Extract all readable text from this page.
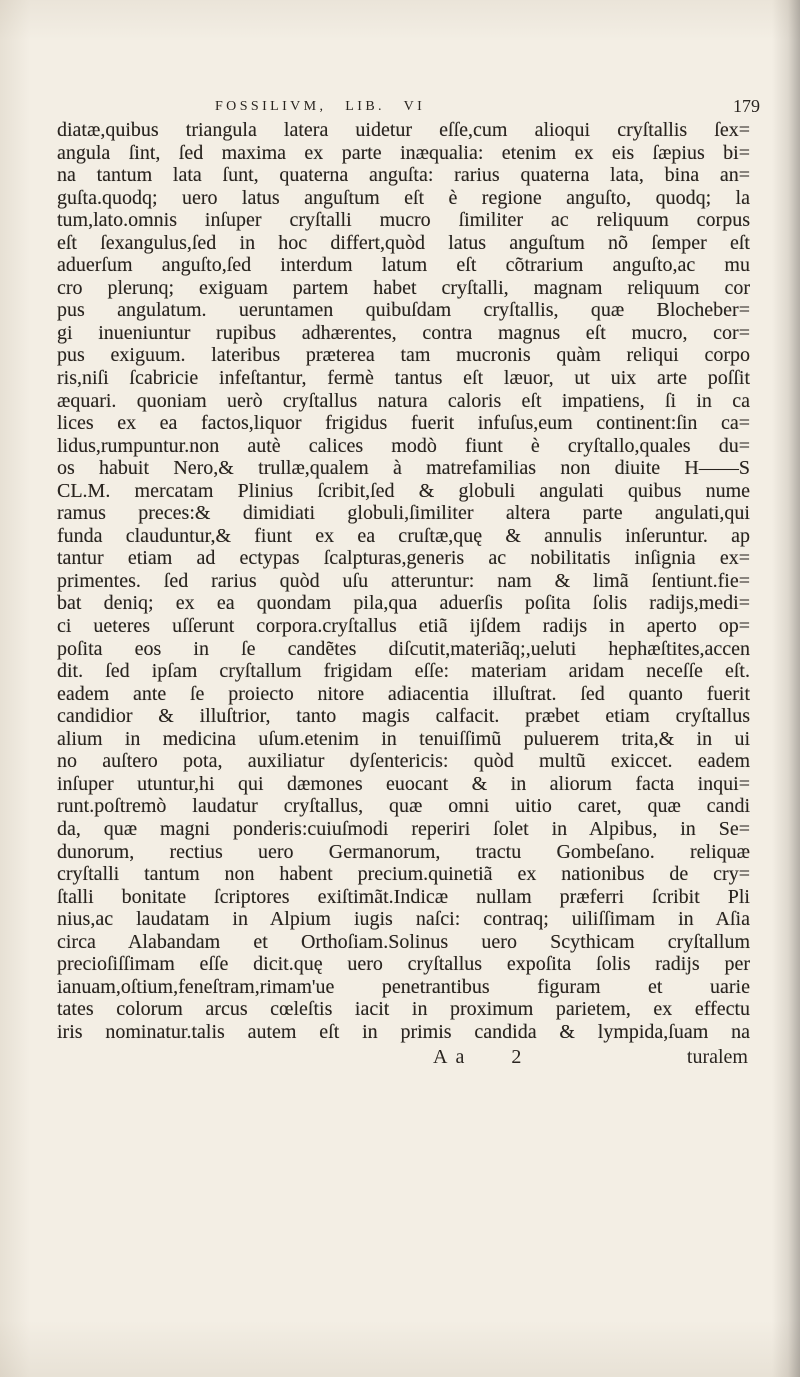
FOSSILIVM, LIB. VI	179
diatæ,quibus triangula latera uidetur eſſe,cum alioqui cryſtallis ſex=
angula ſint, ſed maxima ex parte inæqualia: etenim ex eis ſæpius bi=
na tantum lata ſunt, quaterna anguſta: rarius quaterna lata, bina an=
guſta.quodq; uero latus anguſtum eſt è regione anguſto, quodq; la
tum,lato.omnis inſuper cryſtalli mucro ſimiliter ac reliquum corpus
eſt ſexangulus,ſed in hoc differt,quòd latus anguſtum nõ ſemper eſt
aduerſum anguſto,ſed interdum latum eſt cõtrarium anguſto,ac mu
cro plerunq; exiguam partem habet cryſtalli, magnam reliquum cor
pus angulatum. ueruntamen quibuſdam cryſtallis, quæ Blocheber=
gi inueniuntur rupibus adhærentes, contra magnus eſt mucro, cor=
pus exiguum. lateribus præterea tam mucronis quàm reliqui corpo
ris,niſi ſcabricie infeſtantur, fermè tantus eſt læuor, ut uix arte poſſit
æquari. quoniam uerò cryſtallus natura caloris eſt impatiens, ſi in ca
lices ex ea factos,liquor frigidus fuerit infuſus,eum continent:ſin ca=
lidus,rumpuntur.non autè calices modò fiunt è cryſtallo,quales du=
os habuit Nero,& trullæ,qualem à matrefamilias non diuite H——S
CL.M. mercatam Plinius ſcribit,ſed & globuli angulati quibus nume
ramus preces:& dimidiati globuli,ſimiliter altera parte angulati,qui
funda clauduntur,& fiunt ex ea cruſtæ,quę & annulis inſeruntur. ap
tantur etiam ad ectypas ſcalpturas,generis ac nobilitatis inſignia ex=
primentes. ſed rarius quòd uſu atteruntur: nam & limã ſentiunt.fie=
bat deniq; ex ea quondam pila,qua aduerſis poſita ſolis radijs,medi=
ci ueteres uſſerunt corpora.cryſtallus etiã ijſdem radijs in aperto op=
poſita eos in ſe candẽtes diſcutit,materiãq;,ueluti hephæſtites,accen
dit. ſed ipſam cryſtallum frigidam eſſe: materiam aridam neceſſe eſt.
eadem ante ſe proiecto nitore adiacentia illuſtrat. ſed quanto fuerit
candidior & illuſtrior, tanto magis calfacit. præbet etiam cryſtallus
alium in medicina uſum.etenim in tenuiſſimũ puluerem trita,& in ui
no auſtero pota, auxiliatur dyſentericis: quòd multũ exiccet. eadem
inſuper utuntur,hi qui dæmones euocant & in aliorum facta inqui=
runt.poſtremò laudatur cryſtallus, quæ omni uitio caret, quæ candi
da, quæ magni ponderis:cuiuſmodi reperiri ſolet in Alpibus, in Se=
dunorum, rectius uero Germanorum, tractu Gombeſano. reliquæ
cryſtalli tantum non habent precium.quinetiã ex nationibus de cry=
ſtalli bonitate ſcriptores exiſtimãt.Indicæ nullam præferri ſcribit Pli
nius,ac laudatam in Alpium iugis naſci: contraq; uiliſſimam in Aſia
circa Alabandam et Orthoſiam.Solinus uero Scythicam cryſtallum
precioſiſſimam eſſe dicit.quę uero cryſtallus expoſita ſolis radijs per
ianuam,oſtium,feneſtram,rimam'ue penetrantibus figuram et uarie
tates colorum arcus cœleſtis iacit in proximum parietem, ex effectu
iris nominatur.talis autem eſt in primis candida & lympida,ſuam na
Aa 2	turalem
